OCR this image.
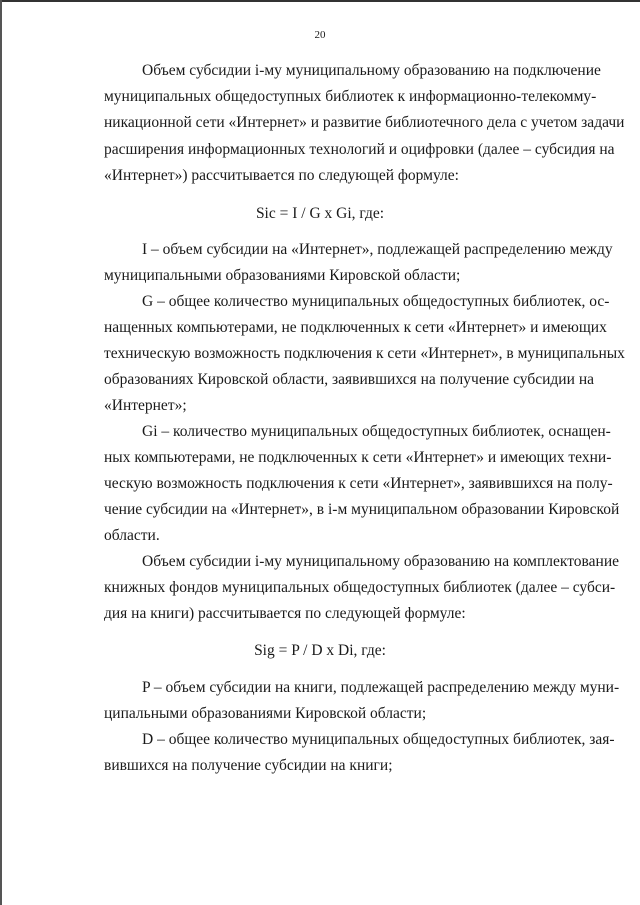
20
Объем субсидии i-му муниципальному образованию на подключение
муниципальных общедоступных библиотек к информационно-телекомму-
никационной сети «Интернет» и развитие библиотечного дела с учетом задачи
расширения информационных технологий и оцифровки (далее – субсидия на
«Интернет») рассчитывается по следующей формуле:
Sic = I / G x Gi, где:
I – объем субсидии на «Интернет», подлежащей распределению между
муниципальными образованиями Кировской области;
G – общее количество муниципальных общедоступных библиотек, ос-
нащенных компьютерами, не подключенных к сети «Интернет» и имеющих
техническую возможность подключения к сети «Интернет», в муниципальных
образованиях Кировской области, заявившихся на получение субсидии на
«Интернет»;
Gi – количество муниципальных общедоступных библиотек, оснащен-
ных компьютерами, не подключенных к сети «Интернет» и имеющих техни-
ческую возможность подключения к сети «Интернет», заявившихся на полу-
чение субсидии на «Интернет», в i-м муниципальном образовании Кировской
области.
Объем субсидии i-му муниципальному образованию на комплектование
книжных фондов муниципальных общедоступных библиотек (далее – субси-
дия на книги) рассчитывается по следующей формуле:
Sig = P / D x Di, где:
P – объем субсидии на книги, подлежащей распределению между муни-
ципальными образованиями Кировской области;
D – общее количество муниципальных общедоступных библиотек, зая-
вившихся на получение субсидии на книги;
